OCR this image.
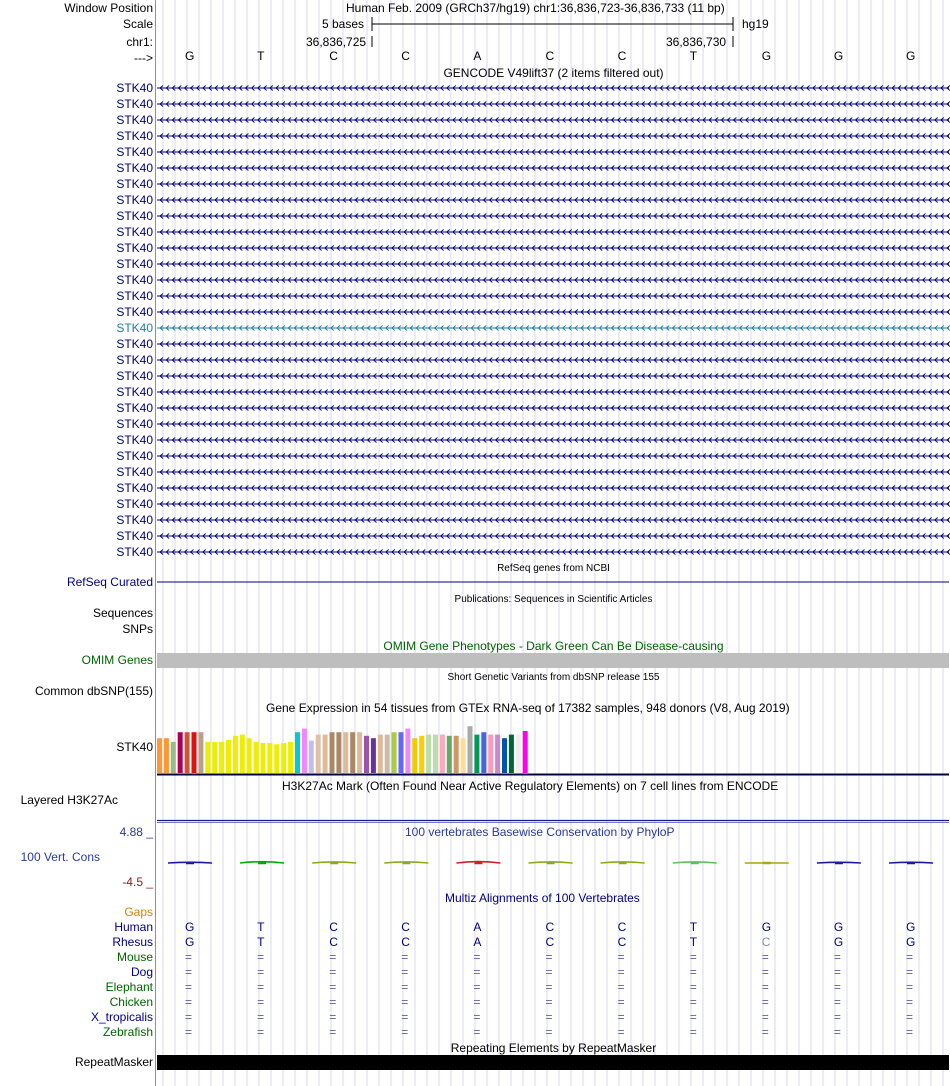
Window Position
Scale
chr1:
--->
Human Feb. 2009 (GRCh37/hg19) chr1:36,836,723-36,836,733 (11 bp)
5 bases	hg19
36,836,725	36,836,730
G	T	C	C	A	C	C	T	G	G	G
GENCODE V49lift37 (2 items filtered out)
STK40
STK40
STK40
STK40
STK40
STK40
STK40
STK40
STK40
STK40
STK40
STK40
STK40
STK40
STK40
STK40
STK40
STK40
STK40
STK40
STK40
STK40
STK40
STK40
STK40
STK40
STK40
STK40
STK40
STK40
RefSeq genes from NCBI
RefSeq Curated
Publications: Sequences in Scientific Articles
Sequences
SNPs
OMIM Gene Phenotypes - Dark Green Can Be Disease-causing
OMIM Genes
Short Genetic Variants from dbSNP release 155
Common dbSNP(155)
Gene Expression in 54 tissues from GTEx RNA-seq of 17382 samples, 948 donors (V8, Aug 2019)
STK40
H3K27Ac Mark (Often Found Near Active Regulatory Elements) on 7 cell lines from ENCODE
Layered H3K27Ac
100 vertebrates Basewise Conservation by PhyloP
4.88 _
100 Vert. Cons
-4.5 _
Multiz Alignments of 100 Vertebrates
Gaps
Human	G	T	C	C	A	C	C	T	G	G	G
Rhesus	G	T	C	C	A	C	C	T	C	G	G
Mouse	=	=	=	=	=	=	=	=	=	=	=
Dog	=	=	=	=	=	=	=	=	=	=	=
Elephant	=	=	=	=	=	=	=	=	=	=	=
Chicken	=	=	=	=	=	=	=	=	=	=	=
X_tropicalis	=	=	=	=	=	=	=	=	=	=	=
Zebrafish	=	=	=	=	=	=	=	=	=	=	=
Repeating Elements by RepeatMasker
RepeatMasker
